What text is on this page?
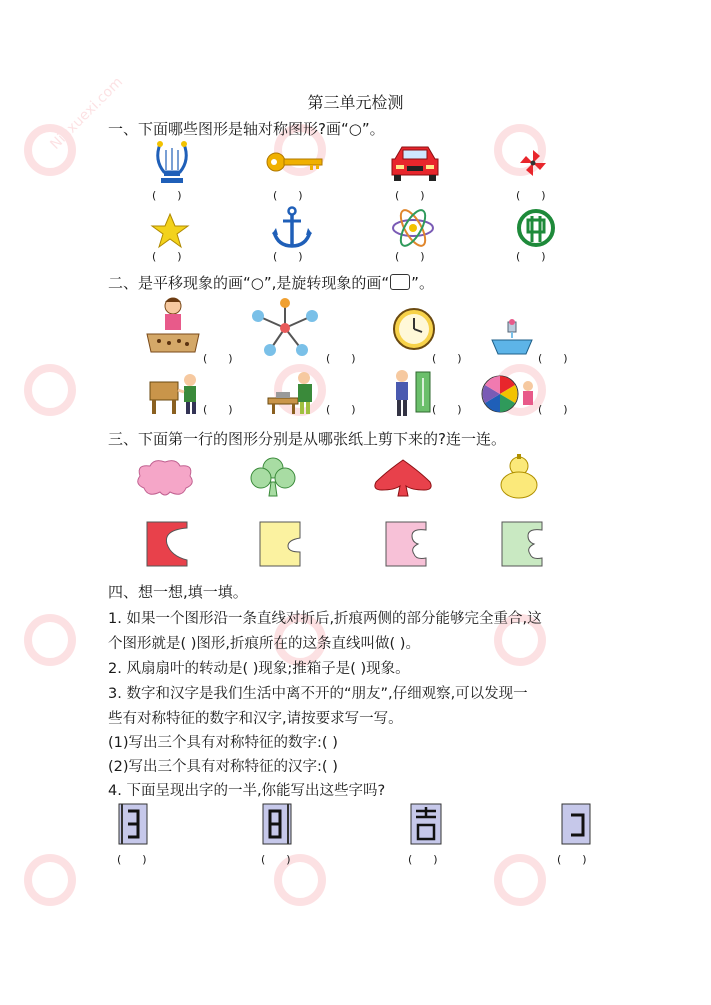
Niuxuexi.com	第三单元检测
一、下面哪些图形是轴对称图形?画“○”。
(      )	(      )	(      )	(      )
(      )	(      )	(      )	(      )
二、是平移现象的画“○”,是旋转现象的画“ ”。
(      )	(      )	(      )	(      )
(      )	(      )	(      )	(      )
三、下面第一行的图形分别是从哪张纸上剪下来的?连一连。
四、想一想,填一填。
1. 如果一个图形沿一条直线对折后,折痕两侧的部分能够完全重合,这
个图形就是( )图形,折痕所在的这条直线叫做( )。
2. 风扇扇叶的转动是( )现象;推箱子是( )现象。
3. 数字和汉字是我们生活中离不开的“朋友”,仔细观察,可以发现一
些有对称特征的数字和汉字,请按要求写一写。
(1)写出三个具有对称特征的数字:( )
(2)写出三个具有对称特征的汉字:( )
4. 下面呈现出字的一半,你能写出这些字吗?
(      )	(      )	(      )	(      )
